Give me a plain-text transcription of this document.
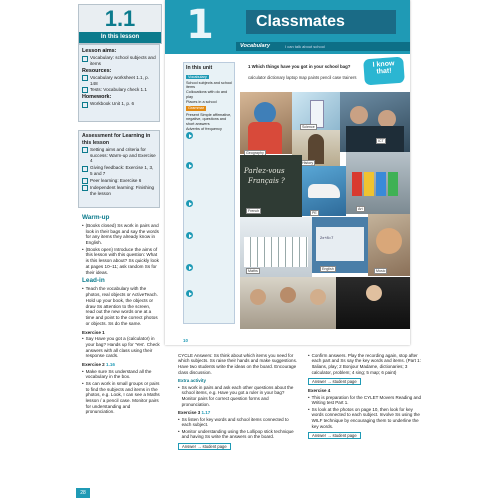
1.1
In this lesson
Lesson aims:
Vocabulary: school subjects and items
Resources:
Vocabulary worksheet 1.1, p. 148
Tests: Vocabulary check 1.1
Homework:
Workbook Unit 1, p. 6
Assessment for Learning in this lesson
Setting aims and criteria for success: Warm-up and Exercise 4
Giving feedback: Exercise 1, 3, 5 and 7
Peer learning: Exercise 6
Independent learning: Finishing the lesson
Warm-up
• (Books closed) Ss work in pairs and look in their bags and say the words for any items they already know in English.
• (Books open) Introduce the aims of this lesson with this question: What is this lesson about? Ss quickly look at pages 10–11; ask random Ss for their ideas.
Lead-in
• Teach the vocabulary with the photos, real objects or ActiveTeach. Hold up your book, the objects or draw Ss attention to the screen, read out the new words one at a time and point to the correct photos or objects. Ss do the same.
Exercise 1
• Say Have you got a (calculator) in your bag? Hands up for 'Yes'. Check answers with all class using their response cards.
Exercise 2 1.16
• Make sure Ss understand all the vocabulary in the box.
• Ss can work in small groups or pairs to find the subjects and items in the photos, e.g. Look, I can see a Maths lesson / a pencil case. Monitor pairs for understanding and pronunciation.
28
1	Classmates
Vocabulary	I can talk about school
In this unit
Vocabulary
School subjects and school items
Collocations with do and play
Places in a school
Grammar
Present Simple affirmative, negative, questions and short answers
Adverbs of frequency
1 Which things have you got in your school bag?
calculator dictionary laptop map paints pencil case trainers
I know
that!
Geography
Science
ICT
History
Parlez-vous
Français ?
French	PE
Art
Maths
2x+8=7
English	Music
10
CYCLE Answers: Ss think about which items you need for which subjects. Ss raise their hands and make suggestions. Have two students write the ideas on the board. Encourage class discussion.
Extra activity
• Ss work in pairs and ask each other questions about the school items, e.g. Have you got a ruler in your bag? Monitor pairs for correct question forms and pronunciation.
Exercise 3 1.17
• Ss listen for key words and school items connected to each subject.
• Monitor understanding using the Lollipop stick technique and having Ss write the answers on the board.
Answer → student page
• Confirm answers. Play the recording again, stop after each part and Ss say the key words and items. (Part 1: Italians, play; 2 Bonjour Madame, dictionaries; 3 calculator, problem; 4 sing; 5 map; 6 paint)
Answer → student page
Exercise 4
• This is preparation for the CYLET Movers Reading and Writing test Part 1.
• Ss look at the photos on page 10, then look for key words connected to each subject. Involve Ss using the WILF technique by encouraging them to underline the key words.
Answer → student page
